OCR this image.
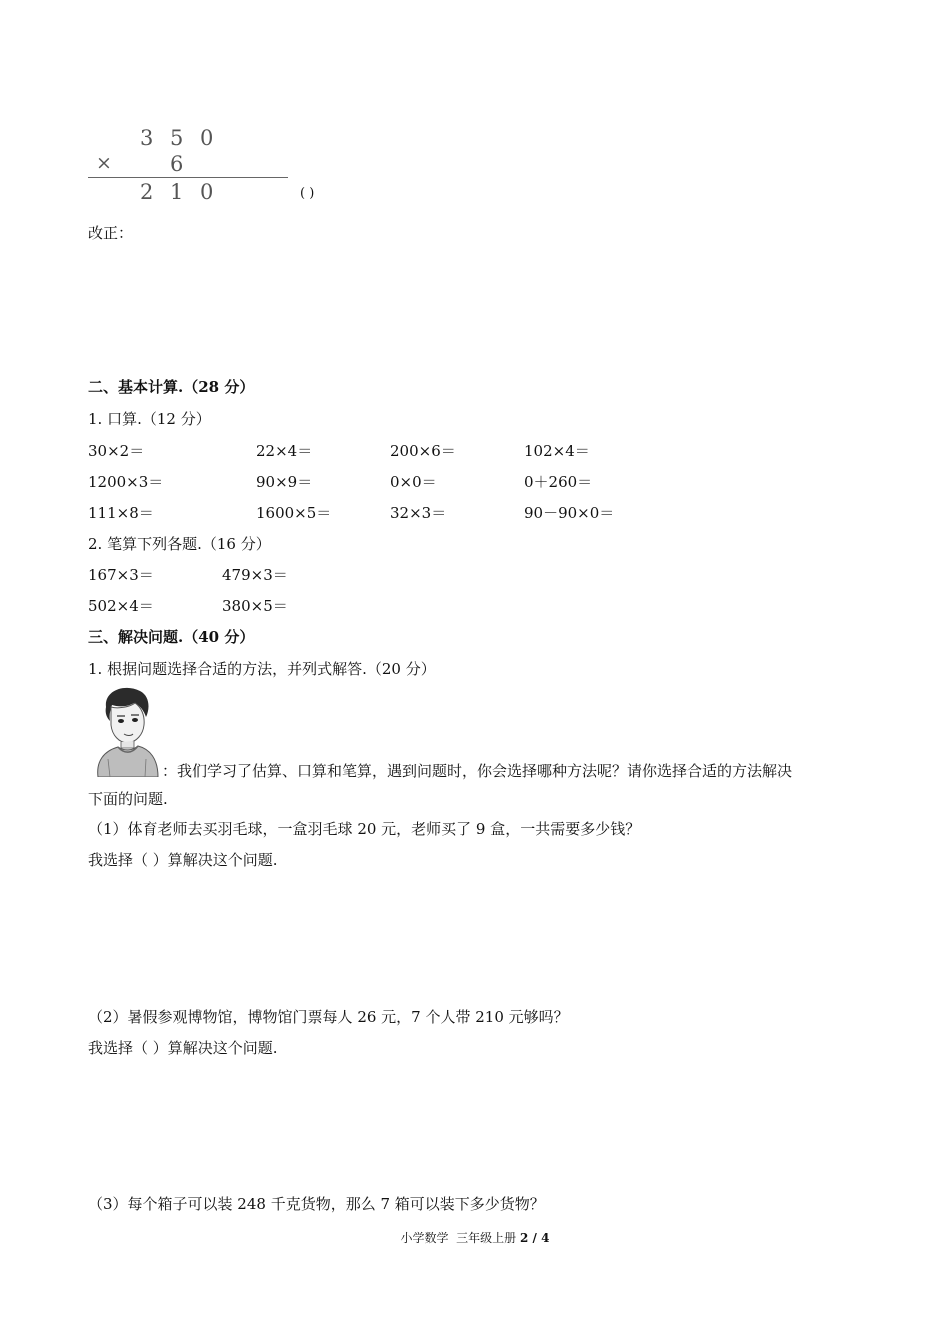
3 5 0
×	6
2 1 0	( )
改正：
二、基本计算.（28 分）
1. 口算.（12 分）
30×2＝	22×4＝	200×6＝	102×4＝
1200×3＝	90×9＝	0×0＝	0＋260＝
111×8＝	1600×5＝	32×3＝	90－90×0＝
2. 笔算下列各题.（16 分）
167×3＝	479×3＝
502×4＝	380×5＝
三、解决问题.（40 分）
1. 根据问题选择合适的方法，并列式解答.（20 分）
：我们学习了估算、口算和笔算，遇到问题时，你会选择哪种方法呢？请你选择合适的方法解决
下面的问题.
（1）体育老师去买羽毛球，一盒羽毛球 20 元，老师买了 9 盒，一共需要多少钱？
我选择（ ）算解决这个问题.
（2）暑假参观博物馆，博物馆门票每人 26 元，7 个人带 210 元够吗？
我选择（ ）算解决这个问题.
（3）每个箱子可以装 248 千克货物，那么 7 箱可以装下多少货物？
小学数学  三年级上册 2 / 4
